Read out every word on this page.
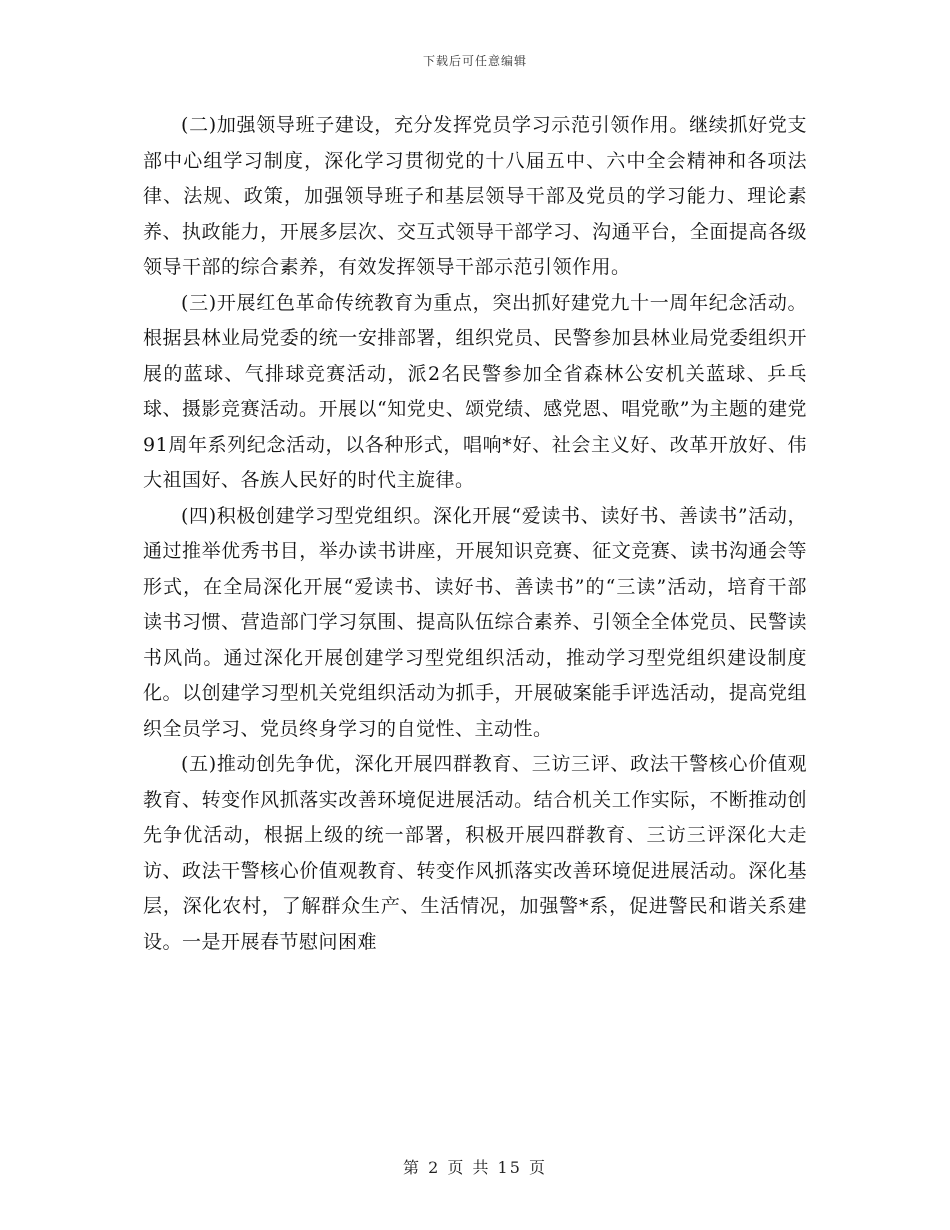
下载后可任意编辑

(二)加强领导班子建设，充分发挥党员学习示范引领作用。继续抓好党支部中心组学习制度，深化学习贯彻党的十八届五中、六中全会精神和各项法律、法规、政策，加强领导班子和基层领导干部及党员的学习能力、理论素养、执政能力，开展多层次、交互式领导干部学习、沟通平台，全面提高各级领导干部的综合素养，有效发挥领导干部示范引领作用。

(三)开展红色革命传统教育为重点，突出抓好建党九十一周年纪念活动。根据县林业局党委的统一安排部署，组织党员、民警参加县林业局党委组织开展的蓝球、气排球竞赛活动，派2名民警参加全省森林公安机关蓝球、乒乓球、摄影竞赛活动。开展以“知党史、颂党绩、感党恩、唱党歌”为主题的建党91周年系列纪念活动，以各种形式，唱响*好、社会主义好、改革开放好、伟大祖国好、各族人民好的时代主旋律。

(四)积极创建学习型党组织。深化开展“爱读书、读好书、善读书”活动，通过推举优秀书目，举办读书讲座，开展知识竞赛、征文竞赛、读书沟通会等形式，在全局深化开展“爱读书、读好书、善读书”的“三读”活动，培育干部读书习惯、营造部门学习氛围、提高队伍综合素养、引领全全体党员、民警读书风尚。通过深化开展创建学习型党组织活动，推动学习型党组织建设制度化。以创建学习型机关党组织活动为抓手，开展破案能手评选活动，提高党组织全员学习、党员终身学习的自觉性、主动性。

(五)推动创先争优，深化开展四群教育、三访三评、政法干警核心价值观教育、转变作风抓落实改善环境促进展活动。结合机关工作实际，不断推动创先争优活动，根据上级的统一部署，积极开展四群教育、三访三评深化大走访、政法干警核心价值观教育、转变作风抓落实改善环境促进展活动。深化基层，深化农村，了解群众生产、生活情况，加强警*系，促进警民和谐关系建设。一是开展春节慰问困难

第 2 页 共 15 页
